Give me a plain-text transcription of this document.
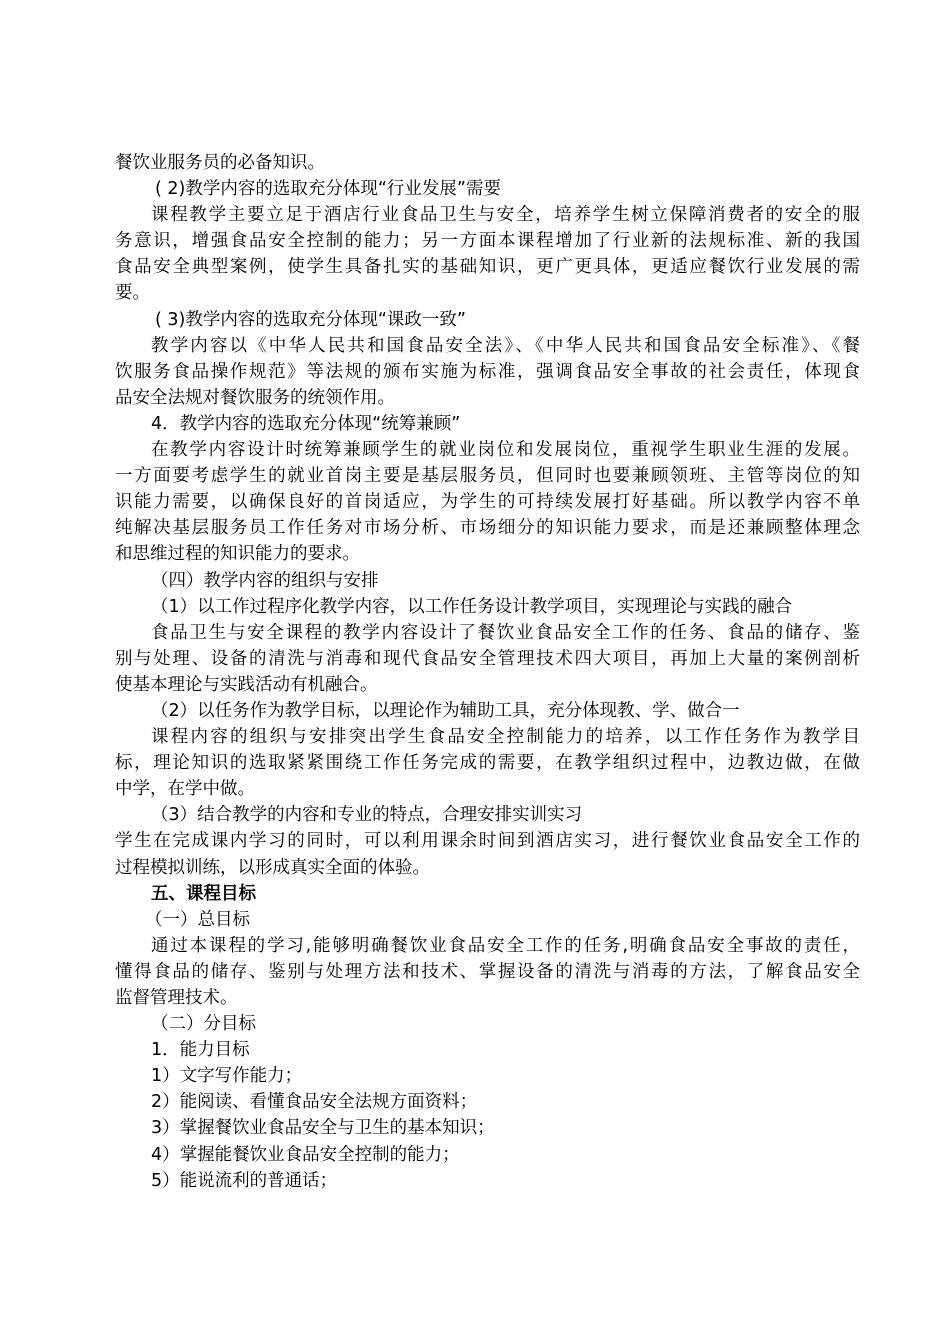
餐饮业服务员的必备知识。
( 2)教学内容的选取充分体现“行业发展”需要
课程教学主要立足于酒店行业食品卫生与安全，培养学生树立保障消费者的安全的服
务意识，增强食品安全控制的能力；另一方面本课程增加了行业新的法规标准、新的我国
食品安全典型案例，使学生具备扎实的基础知识，更广更具体，更适应餐饮行业发展的需
要。
( 3)教学内容的选取充分体现“课政一致”
教学内容以《中华人民共和国食品安全法》、《中华人民共和国食品安全标准》、《餐
饮服务食品操作规范》等法规的颁布实施为标准，强调食品安全事故的社会责任，体现食
品安全法规对餐饮服务的统领作用。
4．教学内容的选取充分体现“统筹兼顾”
在教学内容设计时统筹兼顾学生的就业岗位和发展岗位，重视学生职业生涯的发展。
一方面要考虑学生的就业首岗主要是基层服务员，但同时也要兼顾领班、主管等岗位的知
识能力需要，以确保良好的首岗适应，为学生的可持续发展打好基础。所以教学内容不单
纯解决基层服务员工作任务对市场分析、市场细分的知识能力要求，而是还兼顾整体理念
和思维过程的知识能力的要求。
（四）教学内容的组织与安排
（1）以工作过程序化教学内容，以工作任务设计教学项目，实现理论与实践的融合
食品卫生与安全课程的教学内容设计了餐饮业食品安全工作的任务、食品的储存、鉴
别与处理、设备的清洗与消毒和现代食品安全管理技术四大项目，再加上大量的案例剖析
使基本理论与实践活动有机融合。
（2）以任务作为教学目标，以理论作为辅助工具，充分体现教、学、做合一
课程内容的组织与安排突出学生食品安全控制能力的培养，以工作任务作为教学目
标，理论知识的选取紧紧围绕工作任务完成的需要，在教学组织过程中，边教边做，在做
中学，在学中做。
（3）结合教学的内容和专业的特点，合理安排实训实习
学生在完成课内学习的同时，可以利用课余时间到酒店实习，进行餐饮业食品安全工作的
过程模拟训练，以形成真实全面的体验。
五、课程目标
（一）总目标
通过本课程的学习,能够明确餐饮业食品安全工作的任务,明确食品安全事故的责任，
懂得食品的储存、鉴别与处理方法和技术、掌握设备的清洗与消毒的方法，了解食品安全
监督管理技术。
（二）分目标
1．能力目标
1）文字写作能力；
2）能阅读、看懂食品安全法规方面资料；
3）掌握餐饮业食品安全与卫生的基本知识；
4）掌握能餐饮业食品安全控制的能力；
5）能说流利的普通话；
